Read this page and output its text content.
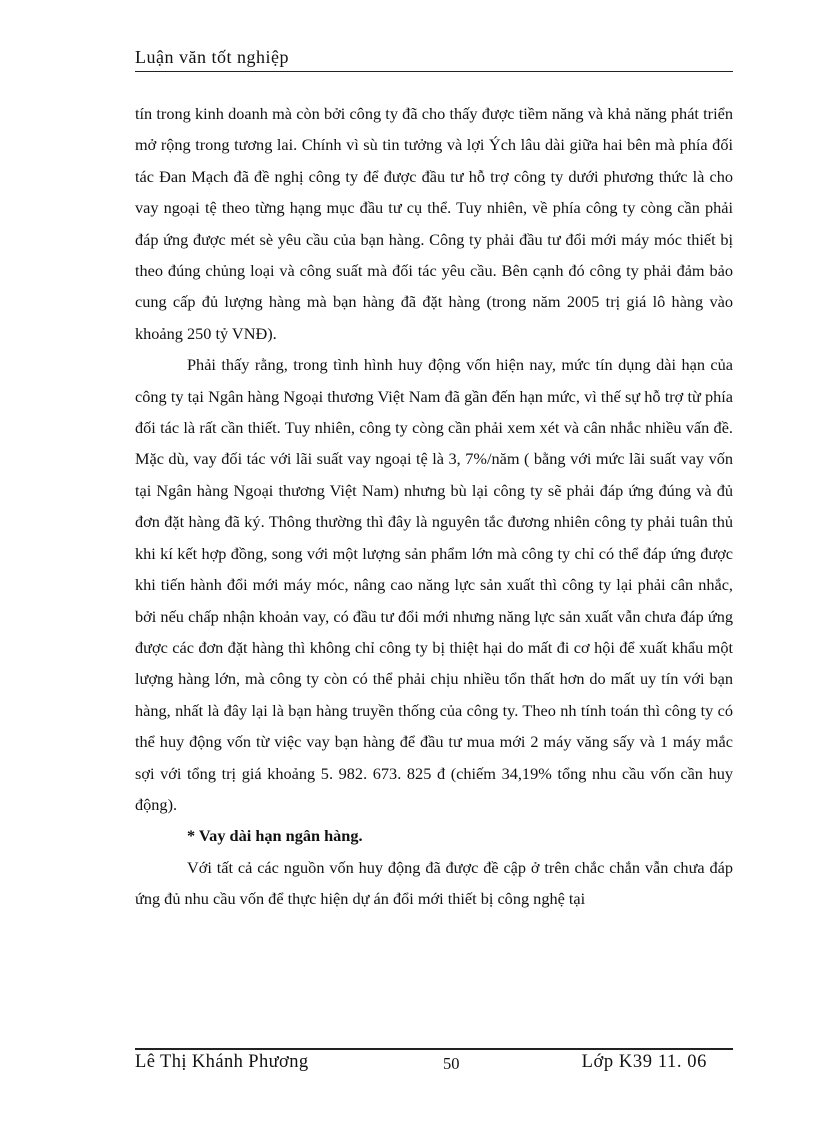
Luận văn tốt nghiệp

tín trong kinh doanh mà còn bởi công ty đã cho thấy được tiềm năng và khả năng phát triển mở rộng trong tương lai. Chính vì sù tin tưởng và lợi Ých lâu dài giữa hai bên mà phía đối tác Đan Mạch đã đề nghị công ty để được đầu tư hỗ trợ công ty dưới phương thức là cho vay ngoại tệ theo từng hạng mục đầu tư cụ thể. Tuy nhiên, về phía công ty còng cần phải đáp ứng được mét sè yêu cầu của bạn hàng. Công ty phải đầu tư đổi mới máy móc thiết bị theo đúng chủng loại và công suất mà đối tác yêu cầu. Bên cạnh đó công ty phải đảm bảo cung cấp đủ lượng hàng mà bạn hàng đã đặt hàng (trong năm 2005 trị giá lô hàng vào khoảng 250 tỷ VNĐ).

Phải thấy rằng, trong tình hình huy động vốn hiện nay, mức tín dụng dài hạn của công ty tại Ngân hàng Ngoại thương Việt Nam đã gần đến hạn mức, vì thế sự hỗ trợ từ phía đối tác là rất cần thiết. Tuy nhiên, công ty còng cần phải xem xét và cân nhắc nhiều vấn đề. Mặc dù, vay đối tác với lãi suất vay ngoại tệ là 3, 7%/năm ( bằng với mức lãi suất vay vốn tại Ngân hàng Ngoại thương Việt Nam) nhưng bù lại công ty sẽ phải đáp ứng đúng và đủ đơn đặt hàng đã ký. Thông thường thì đây là nguyên tắc đương nhiên công ty phải tuân thủ khi kí kết hợp đồng, song với một lượng sản phẩm lớn mà công ty chỉ có thể đáp ứng được khi tiến hành đổi mới máy móc, nâng cao năng lực sản xuất thì công ty lại phải cân nhắc, bởi nếu chấp nhận khoản vay, có đầu tư đổi mới nhưng năng lực sản xuất vẫn chưa đáp ứng được các đơn đặt hàng thì không chỉ công ty bị thiệt hại do mất đi cơ hội để xuất khẩu một lượng hàng lớn, mà công ty còn có thể phải chịu nhiều tổn thất hơn do mất uy tín với bạn hàng, nhất là đây lại là bạn hàng truyền thống của công ty. Theo nh tính toán thì công ty có thể huy động vốn từ việc vay bạn hàng để đầu tư mua mới 2 máy văng sấy và 1 máy mắc sợi với tổng trị giá khoảng 5. 982. 673. 825 đ (chiếm 34,19% tổng nhu cầu vốn cần huy động).

* Vay dài hạn ngân hàng.

Với tất cả các nguồn vốn huy động đã được đề cập ở trên chắc chắn vẫn chưa đáp ứng đủ nhu cầu vốn để thực hiện dự án đổi mới thiết bị công nghệ tại

Lê Thị Khánh Phương	50	Lớp K39 11. 06
